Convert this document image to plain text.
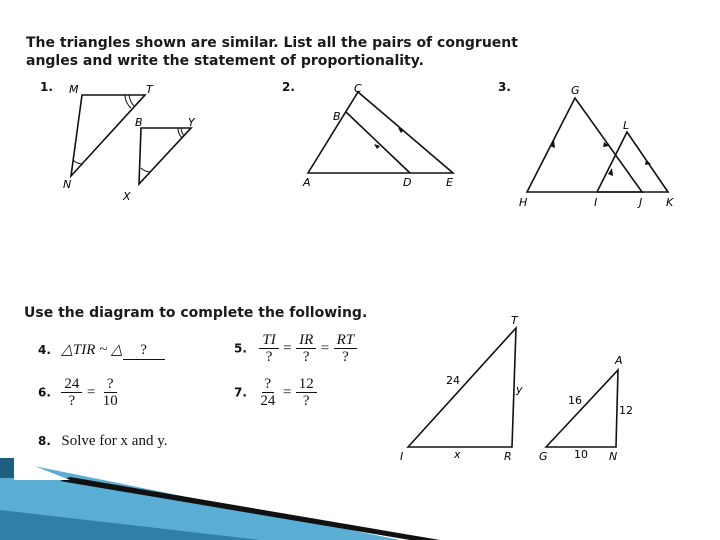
The triangles shown are similar. List all the pairs of congruent
angles and write the statement of proportionality.
1. M	T
B	Y
N
X
2.	C
B
A	D	E
3.	G
L
H	I	J K
Use the diagram to complete the following.
4. △TIR ~ △ ?	5. $\frac{TI}{?} = \frac{IR}{?} = \frac{RT}{?}$
6. $\frac{24}{?} = \frac{?}{10}$	7. $\frac{?}{24} = \frac{12}{?}$
8. Solve for x and y.
T
I	R
24
x
y
A
G	N
16
10
12
